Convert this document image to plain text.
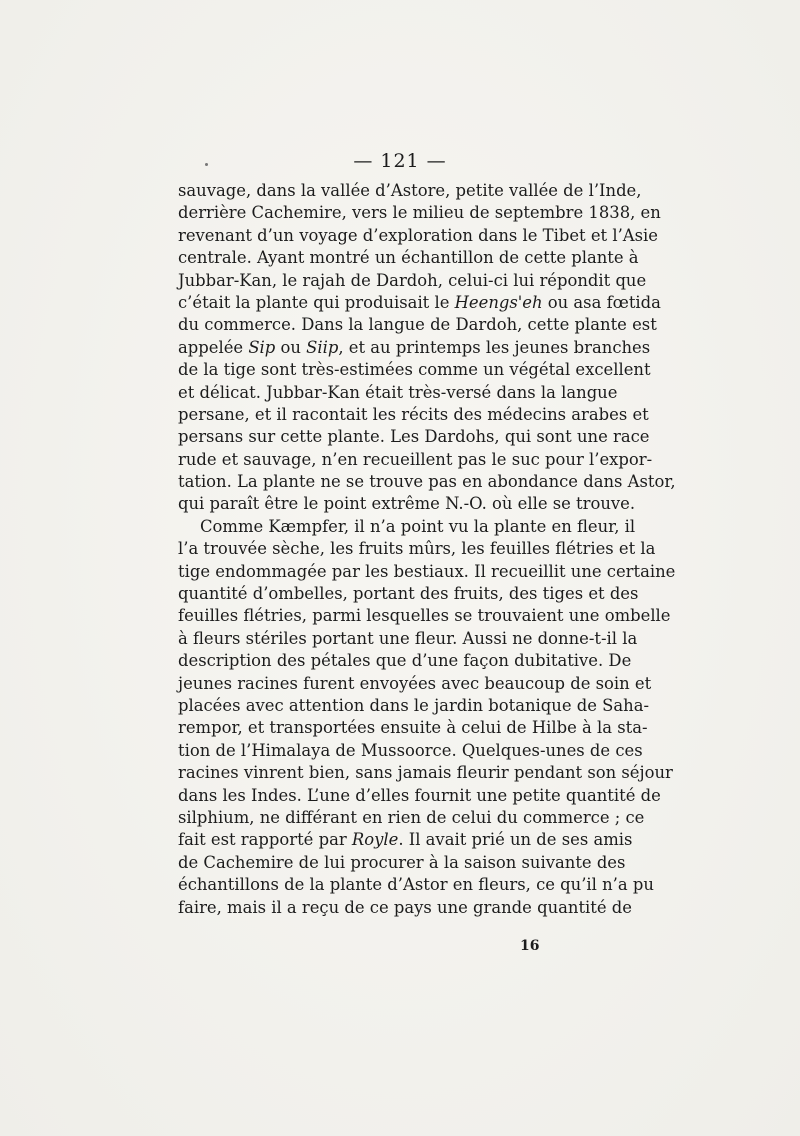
— 121 —
sauvage, dans la vallée d’Astore, petite vallée de l’Inde,
derrière Cachemire, vers le milieu de septembre 1838, en
revenant d’un voyage d’exploration dans le Tibet et l’Asie
centrale. Ayant montré un échantillon de cette plante à
Jubbar-Kan, le rajah de Dardoh, celui-ci lui répondit que
c’était la plante qui produisait le Heengs'eh ou asa fœtida
du commerce. Dans la langue de Dardoh, cette plante est
appelée Sip ou Siip, et au printemps les jeunes branches
de la tige sont très-estimées comme un végétal excellent
et délicat. Jubbar-Kan était très-versé dans la langue
persane, et il racontait les récits des médecins arabes et
persans sur cette plante. Les Dardohs, qui sont une race
rude et sauvage, n’en recueillent pas le suc pour l’expor-
tation. La plante ne se trouve pas en abondance dans Astor,
qui paraît être le point extrême N.-O. où elle se trouve.
Comme Kæmpfer, il n’a point vu la plante en fleur, il
l’a trouvée sèche, les fruits mûrs, les feuilles flétries et la
tige endommagée par les bestiaux. Il recueillit une certaine
quantité d’ombelles, portant des fruits, des tiges et des
feuilles flétries, parmi lesquelles se trouvaient une ombelle
à fleurs stériles portant une fleur. Aussi ne donne-t-il la
description des pétales que d’une façon dubitative. De
jeunes racines furent envoyées avec beaucoup de soin et
placées avec attention dans le jardin botanique de Saha-
rempor, et transportées ensuite à celui de Hilbe à la sta-
tion de l’Himalaya de Mussoorce. Quelques-unes de ces
racines vinrent bien, sans jamais fleurir pendant son séjour
dans les Indes. L’une d’elles fournit une petite quantité de
silphium, ne différant en rien de celui du commerce ; ce
fait est rapporté par Royle. Il avait prié un de ses amis
de Cachemire de lui procurer à la saison suivante des
échantillons de la plante d’Astor en fleurs, ce qu’il n’a pu
faire, mais il a reçu de ce pays une grande quantité de
16
